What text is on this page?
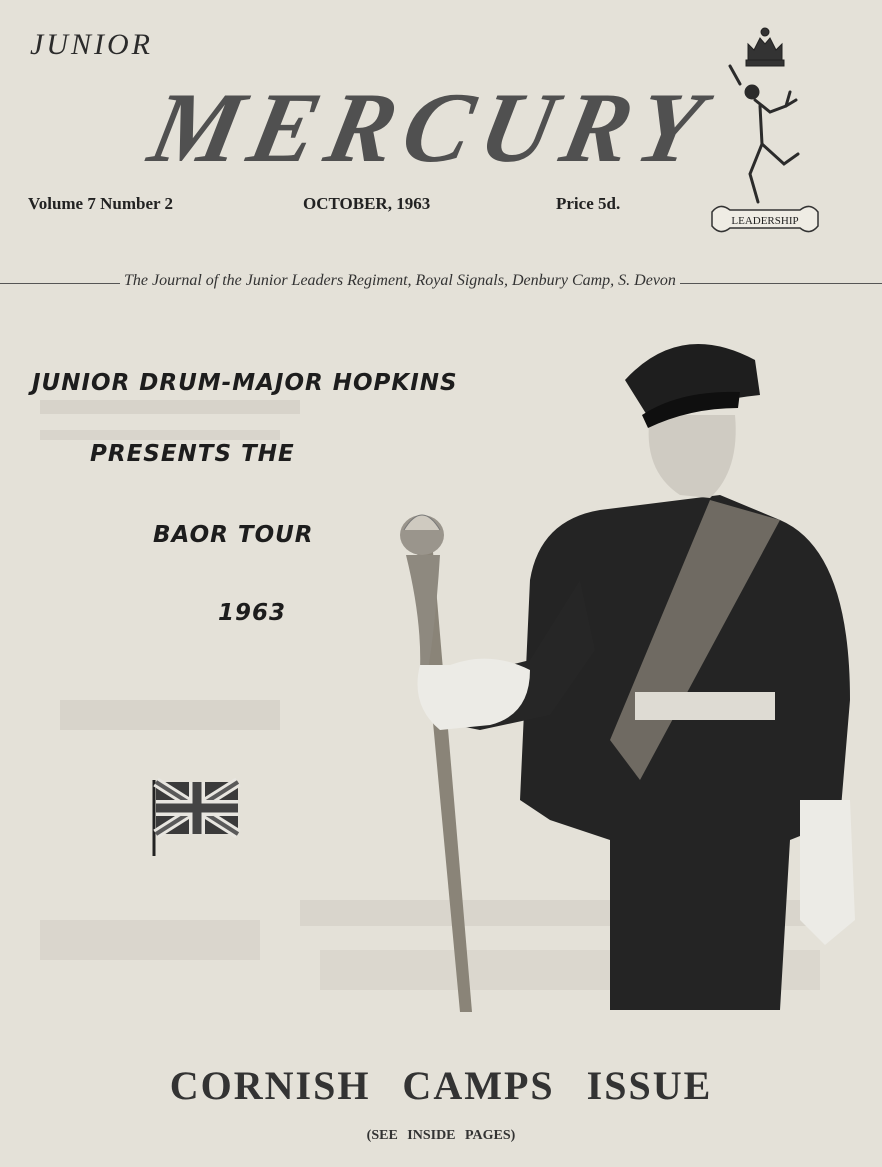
JUNIOR
MERCURY
Volume 7 Number 2	OCTOBER, 1963	Price 5d.
LEADERSHIP
The Journal of the Junior Leaders Regiment, Royal Signals, Denbury Camp, S. Devon
JUNIOR DRUM-MAJOR HOPKINS
PRESENTS THE
BAOR TOUR
1963
CORNISH CAMPS ISSUE
(SEE INSIDE PAGES)
